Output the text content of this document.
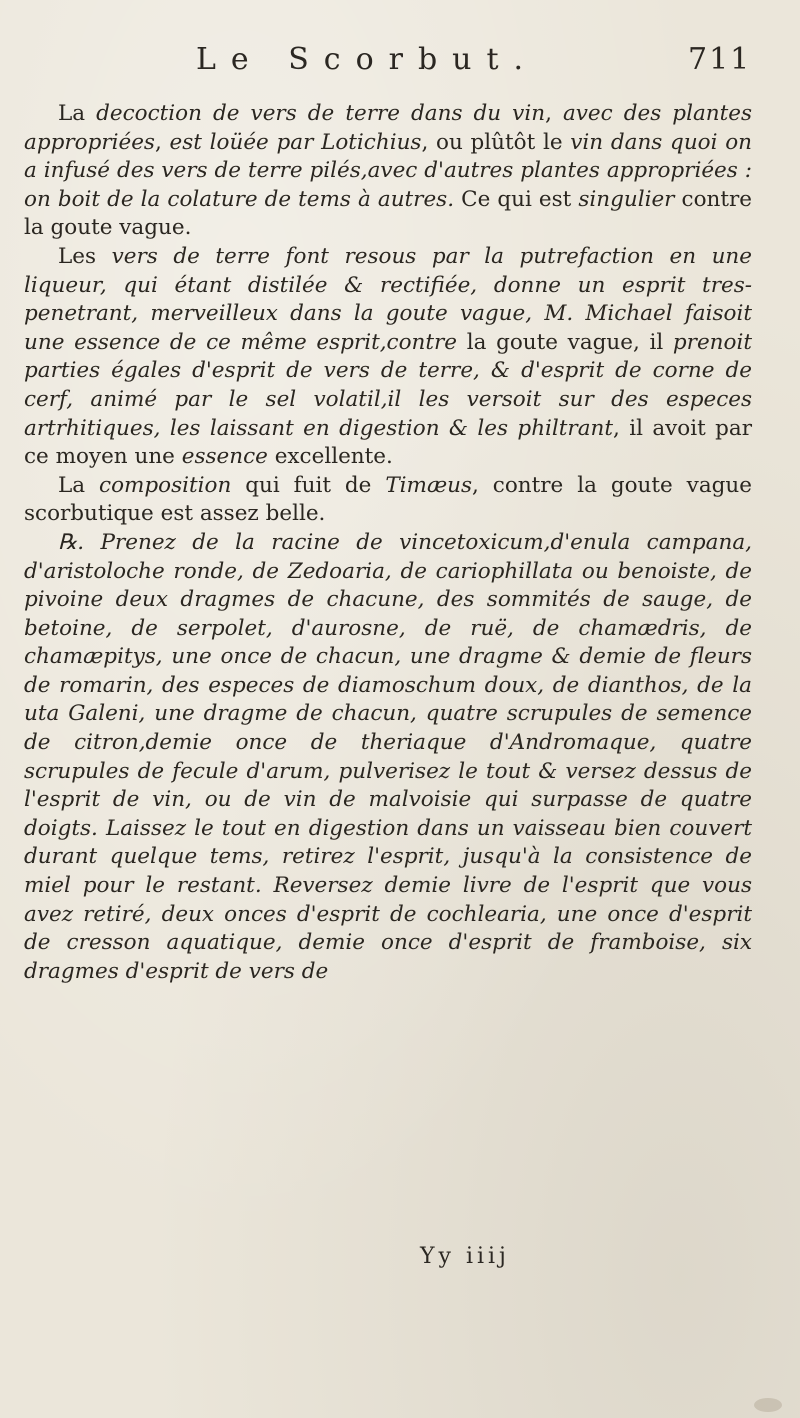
Le Scorbut.	711

La decoction de vers de terre dans du vin, avec des plantes appropriées, est loüée par Lotichius, ou plûtôt le vin dans quoi on a infusé des vers de terre pilés,avec d'autres plantes appropriées : on boit de la colature de tems à autres. Ce qui est singulier contre la goute vague.

Les vers de terre font resous par la putrefaction en une liqueur, qui étant distilée & rectifiée, donne un esprit tres-penetrant, merveilleux dans la goute vague, M. Michael faisoit une essence de ce même esprit,contre la goute vague, il prenoit parties égales d'esprit de vers de terre, & d'esprit de corne de cerf, animé par le sel volatil,il les versoit sur des especes artrhitiques, les laissant en digestion & les philtrant, il avoit par ce moyen une essence excellente.

La composition qui fuit de Timæus, contre la goute vague scorbutique est assez belle.

℞. Prenez de la racine de vincetoxicum,d'enula campana, d'aristoloche ronde, de Zedoaria, de cariophillata ou benoiste, de pivoine deux dragmes de chacune, des sommités de sauge, de betoine, de serpolet, d'aurosne, de ruë, de chamædris, de chamæpitys, une once de chacun, une dragme & demie de fleurs de romarin, des especes de diamoschum doux, de dianthos, de la uta Galeni, une dragme de chacun, quatre scrupules de semence de citron,demie once de theriaque d'Andromaque, quatre scrupules de fecule d'arum, pulverisez le tout & versez dessus de l'esprit de vin, ou de vin de malvoisie qui surpasse de quatre doigts. Laissez le tout en digestion dans un vaisseau bien couvert durant quelque tems, retirez l'esprit, jusqu'à la consistence de miel pour le restant. Reversez demie livre de l'esprit que vous avez retiré, deux onces d'esprit de cochlearia, une once d'esprit de cresson aquatique, demie once d'esprit de framboise, six dragmes d'esprit de vers de

Yy iiij
